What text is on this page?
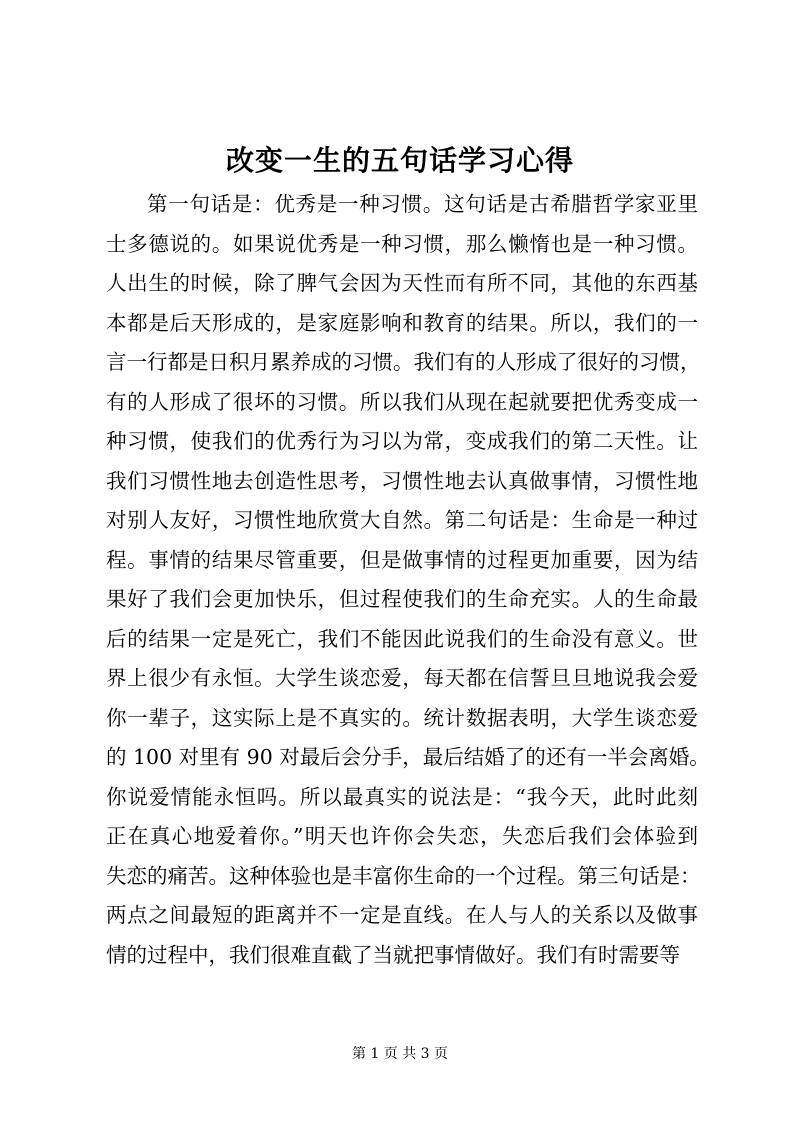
改变一生的五句话学习心得
第一句话是：优秀是一种习惯。这句话是古希腊哲学家亚里
士多德说的。如果说优秀是一种习惯，那么懒惰也是一种习惯。
人出生的时候，除了脾气会因为天性而有所不同，其他的东西基
本都是后天形成的，是家庭影响和教育的结果。所以，我们的一
言一行都是日积月累养成的习惯。我们有的人形成了很好的习惯，
有的人形成了很坏的习惯。所以我们从现在起就要把优秀变成一
种习惯，使我们的优秀行为习以为常，变成我们的第二天性。让
我们习惯性地去创造性思考，习惯性地去认真做事情，习惯性地
对别人友好，习惯性地欣赏大自然。第二句话是：生命是一种过
程。事情的结果尽管重要，但是做事情的过程更加重要，因为结
果好了我们会更加快乐，但过程使我们的生命充实。人的生命最
后的结果一定是死亡，我们不能因此说我们的生命没有意义。世
界上很少有永恒。大学生谈恋爱，每天都在信誓旦旦地说我会爱
你一辈子，这实际上是不真实的。统计数据表明，大学生谈恋爱
的 100 对里有 90 对最后会分手，最后结婚了的还有一半会离婚。
你说爱情能永恒吗。所以最真实的说法是：“我今天，此时此刻
正在真心地爱着你。”明天也许你会失恋，失恋后我们会体验到
失恋的痛苦。这种体验也是丰富你生命的一个过程。第三句话是：
两点之间最短的距离并不一定是直线。在人与人的关系以及做事
情的过程中，我们很难直截了当就把事情做好。我们有时需要等
第 1 页 共 3 页
